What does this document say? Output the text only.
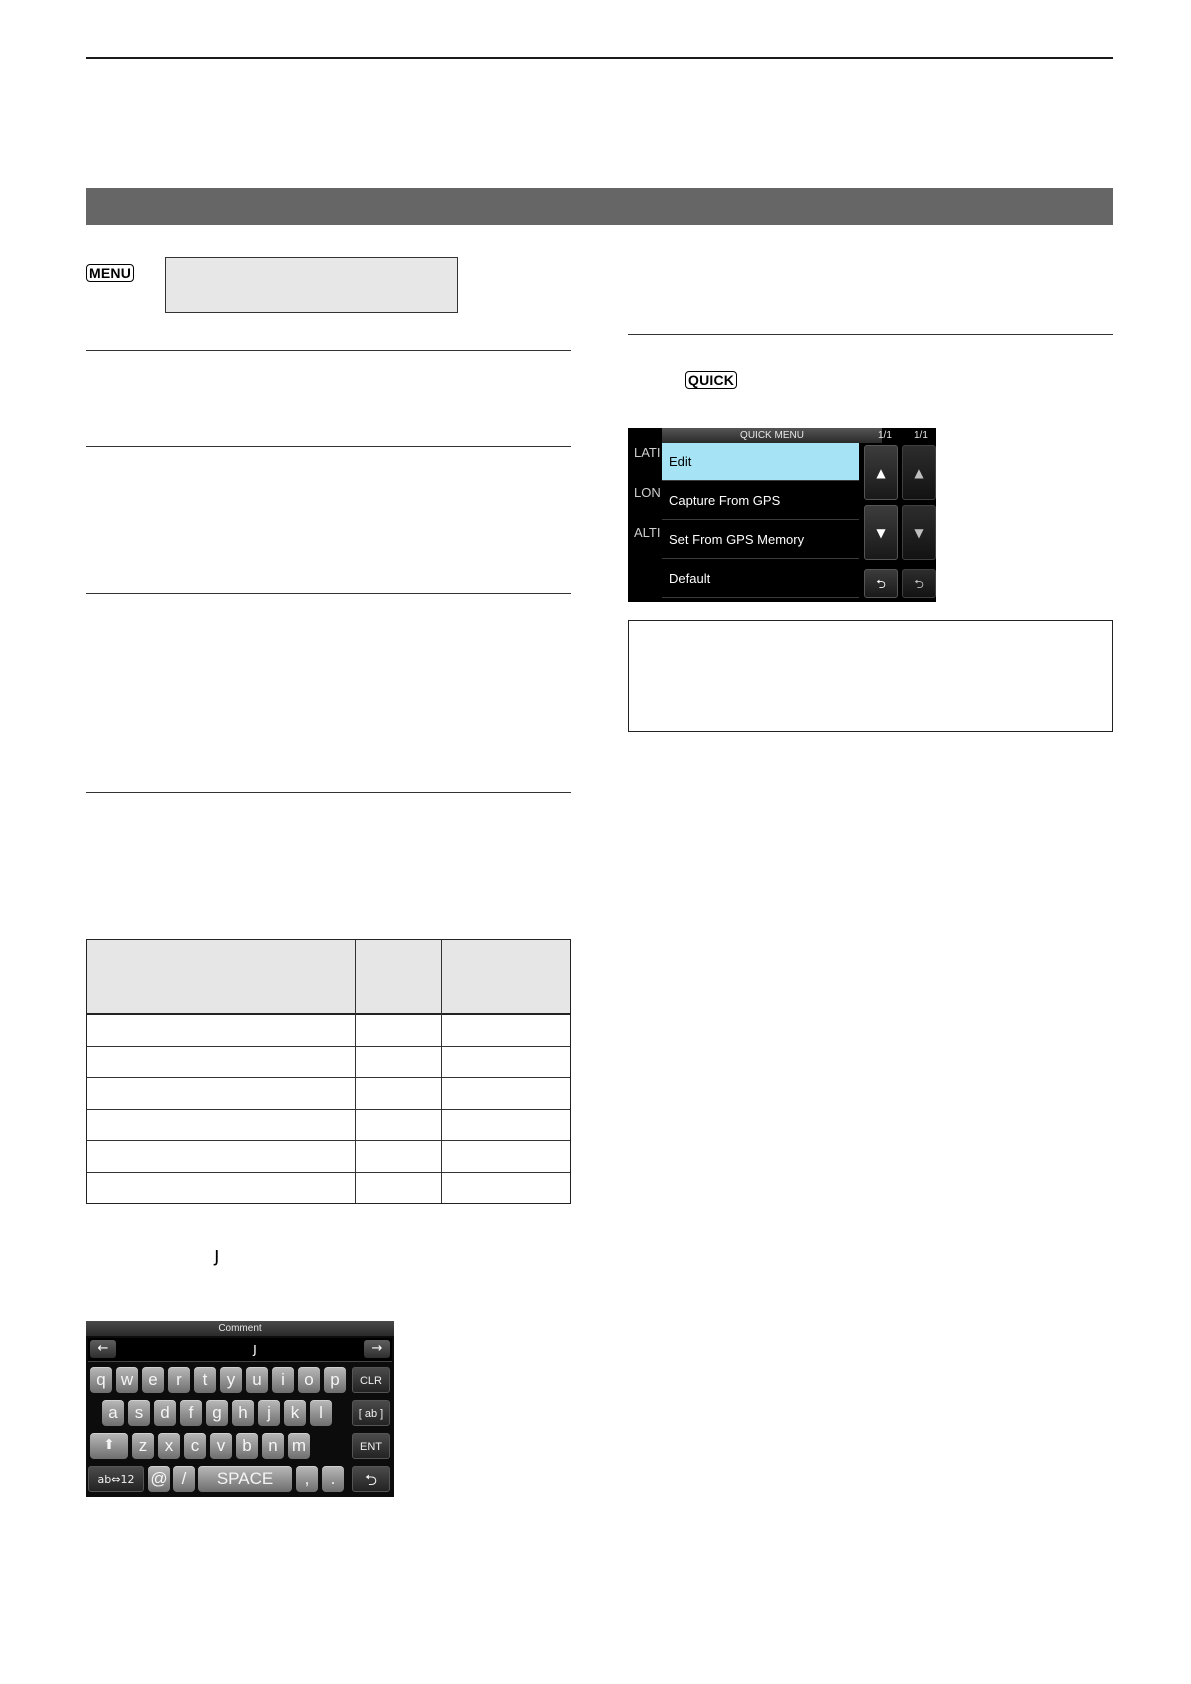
MENU
ȷ
Comment
←	ȷ	→
q w e	r	t	y	u	i	o p	CLR
a	s	d	f	g h	j	k	l	[ ab ]
⬆	z	x	c	v	b n m	ENT
ab⇔12 @ /	SPACE	,	.	⮌
QUICK
LATI
LON
ALTI
QUICK MENU	1/1 1/1
Edit
Capture From GPS
Set From GPS Memory
Default
▲
▼
⮌
▲
▼
⮌
